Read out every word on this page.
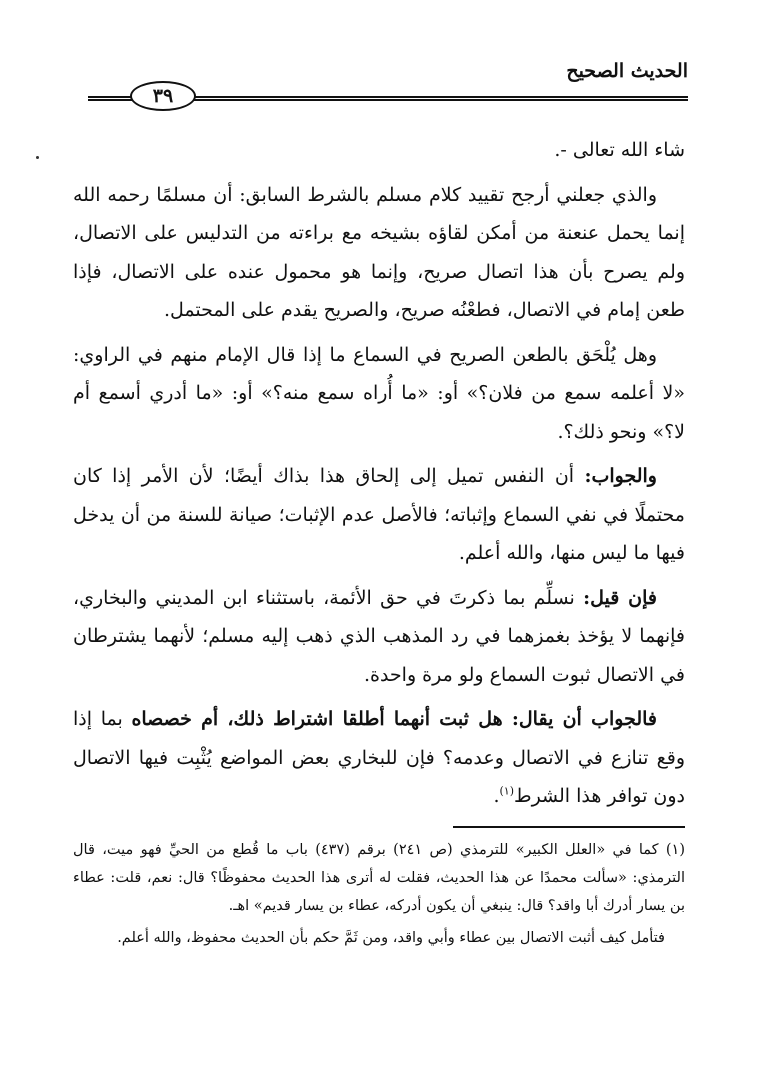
الحديث الصحيح
٣٩

شاء الله تعالى -.

والذي جعلني أرجح تقييد كلام مسلم بالشرط السابق: أن مسلمًا رحمه الله إنما يحمل عنعنة من أمكن لقاؤه بشيخه مع براءته من التدليس على الاتصال، ولم يصرح بأن هذا اتصال صريح، وإنما هو محمول عنده على الاتصال، فإذا طعن إمام في الاتصال، فطعْنُه صريح، والصريح يقدم على المحتمل.

وهل يُلْحَق بالطعن الصريح في السماع ما إذا قال الإمام منهم في الراوي: «لا أعلمه سمع من فلان؟» أو: «ما أُراه سمع منه؟» أو: «ما أدري أسمع أم لا؟» ونحو ذلك؟.

والجواب: أن النفس تميل إلى إلحاق هذا بذاك أيضًا؛ لأن الأمر إذا كان محتملًا في نفي السماع وإثباته؛ فالأصل عدم الإثبات؛ صيانة للسنة من أن يدخل فيها ما ليس منها، والله أعلم.

فإن قيل: نسلِّم بما ذكرتَ في حق الأئمة، باستثناء ابن المديني والبخاري، فإنهما لا يؤخذ بغمزهما في رد المذهب الذي ذهب إليه مسلم؛ لأنهما يشترطان في الاتصال ثبوت السماع ولو مرة واحدة.

فالجواب أن يقال: هل ثبت أنهما أطلقا اشتراط ذلك، أم خصصاه بما إذا وقع تنازع في الاتصال وعدمه؟ فإن للبخاري بعض المواضع يُثْبِت فيها الاتصال دون توافر هذا الشرط$^{(١)}$.

(١) كما في «العلل الكبير» للترمذي (ص ٢٤١) برقم (٤٣٧) باب ما قُطع من الحيِّ فهو ميت، قال الترمذي: «سألت محمدًا عن هذا الحديث، فقلت له أترى هذا الحديث محفوظًا؟ قال: نعم، قلت: عطاء بن يسار أدرك أبا واقد؟ قال: ينبغي أن يكون أدركه، عطاء بن يسار قديم» اهـ.

فتأمل كيف أثبت الاتصال بين عطاء وأبي واقد، ومن ثَمَّ حكم بأن الحديث محفوظ، والله أعلم.
